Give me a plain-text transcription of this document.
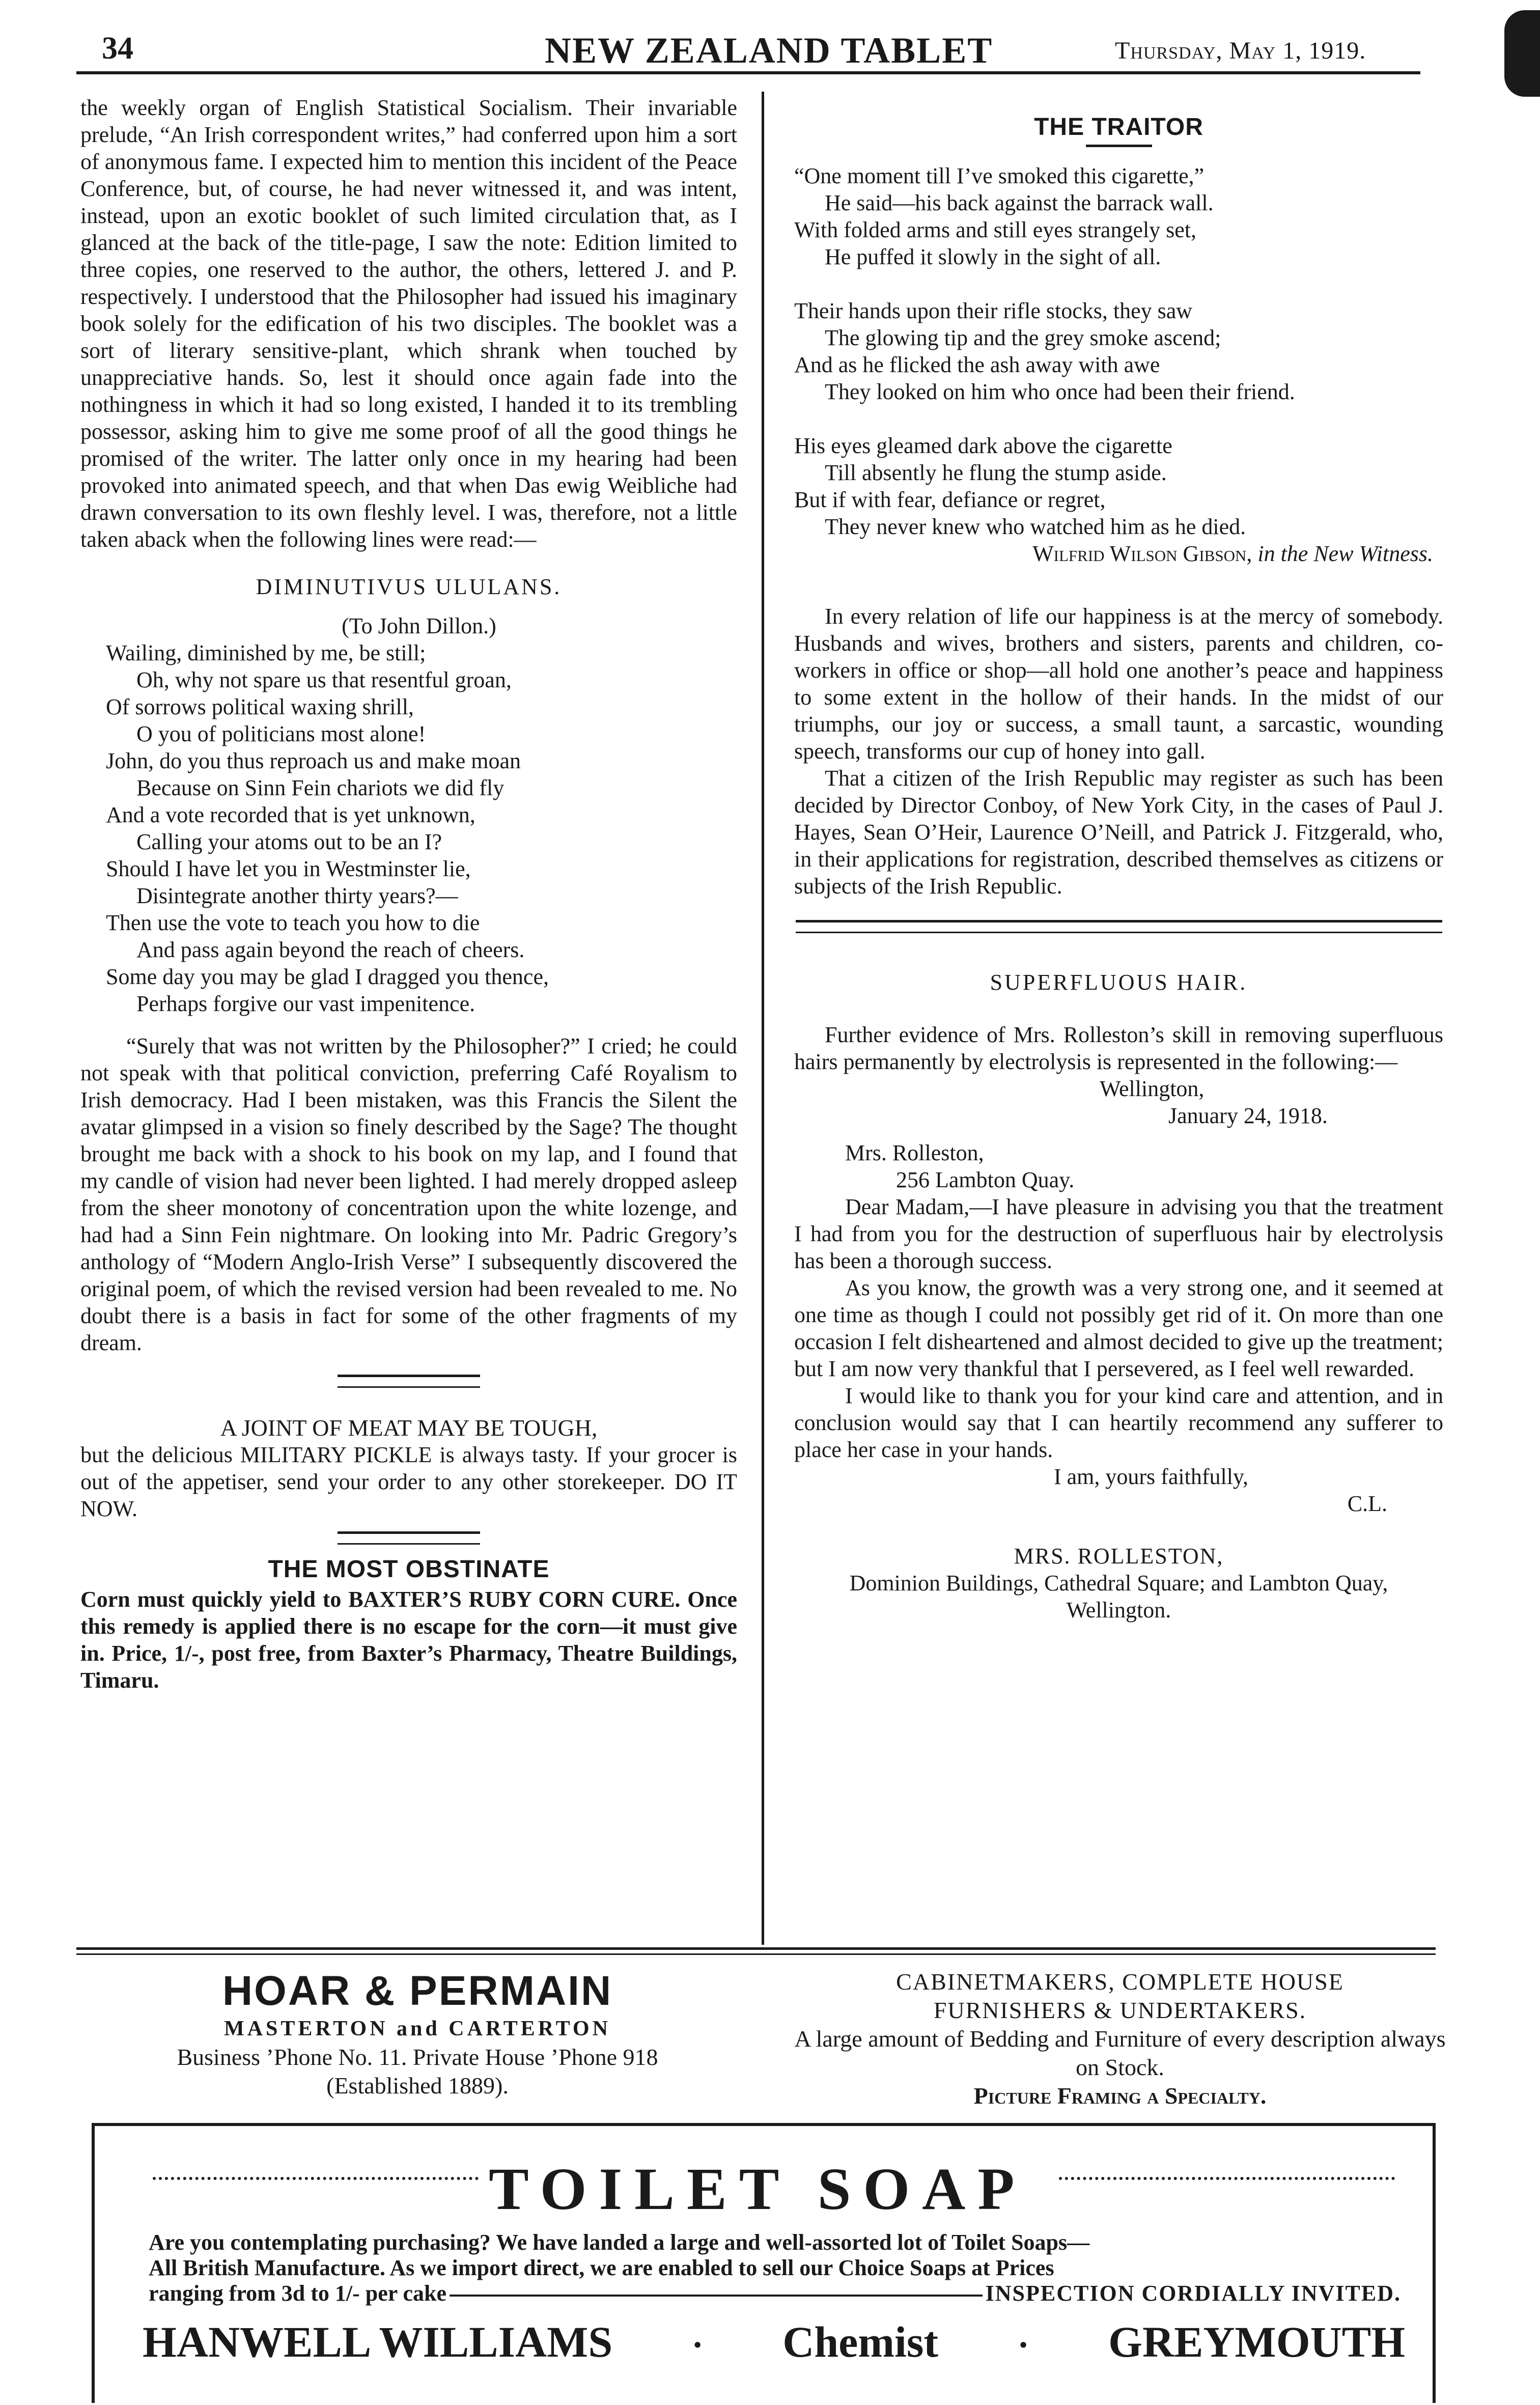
34	NEW ZEALAND TABLET	Thursday, May 1, 1919.

the weekly organ of English Statistical Socialism. Their invariable prelude, “An Irish correspondent writes,” had conferred upon him a sort of anonymous fame. I expected him to mention this incident of the Peace Conference, but, of course, he had never witnessed it, and was intent, instead, upon an exotic booklet of such limited circulation that, as I glanced at the back of the title-page, I saw the note: Edition limited to three copies, one reserved to the author, the others, lettered J. and P. respectively. I understood that the Philosopher had issued his imaginary book solely for the edification of his two disciples. The booklet was a sort of literary sensitive-plant, which shrank when touched by unappreciative hands. So, lest it should once again fade into the nothingness in which it had so long existed, I handed it to its trembling possessor, asking him to give me some proof of all the good things he promised of the writer. The latter only once in my hearing had been provoked into animated speech, and that when Das ewig Weibliche had drawn conversation to its own fleshly level. I was, therefore, not a little taken aback when the following lines were read:—

DIMINUTIVUS ULULANS.
(To John Dillon.)
Wailing, diminished by me, be still;
Oh, why not spare us that resentful groan,
Of sorrows political waxing shrill,
O you of politicians most alone!
John, do you thus reproach us and make moan
Because on Sinn Fein chariots we did fly
And a vote recorded that is yet unknown,
Calling your atoms out to be an I?
Should I have let you in Westminster lie,
Disintegrate another thirty years?—
Then use the vote to teach you how to die
And pass again beyond the reach of cheers.
Some day you may be glad I dragged you thence,
Perhaps forgive our vast impenitence.

“Surely that was not written by the Philosopher?” I cried; he could not speak with that political conviction, preferring Café Royalism to Irish democracy. Had I been mistaken, was this Francis the Silent the avatar glimpsed in a vision so finely described by the Sage? The thought brought me back with a shock to his book on my lap, and I found that my candle of vision had never been lighted. I had merely dropped asleep from the sheer monotony of concentration upon the white lozenge, and had had a Sinn Fein nightmare. On looking into Mr. Padric Gregory’s anthology of “Modern Anglo-Irish Verse” I subsequently discovered the original poem, of which the revised version had been revealed to me. No doubt there is a basis in fact for some of the other fragments of my dream.

A JOINT OF MEAT MAY BE TOUGH,

but the delicious MILITARY PICKLE is always tasty. If your grocer is out of the appetiser, send your order to any other storekeeper. DO IT NOW.

THE MOST OBSTINATE

Corn must quickly yield to BAXTER’S RUBY CORN CURE. Once this remedy is applied there is no escape for the corn—it must give in. Price, 1/-, post free, from Baxter’s Pharmacy, Theatre Buildings, Timaru.

THE TRAITOR
“One moment till I’ve smoked this cigarette,”
He said—his back against the barrack wall.
With folded arms and still eyes strangely set,
He puffed it slowly in the sight of all.
Their hands upon their rifle stocks, they saw
The glowing tip and the grey smoke ascend;
And as he flicked the ash away with awe
They looked on him who once had been their friend.
His eyes gleamed dark above the cigarette
Till absently he flung the stump aside.
But if with fear, defiance or regret,
They never knew who watched him as he died.
Wilfrid Wilson Gibson, in the New Witness.

In every relation of life our happiness is at the mercy of somebody. Husbands and wives, brothers and sisters, parents and children, co-workers in office or shop—all hold one another’s peace and happiness to some extent in the hollow of their hands. In the midst of our triumphs, our joy or success, a small taunt, a sarcastic, wounding speech, transforms our cup of honey into gall.

That a citizen of the Irish Republic may register as such has been decided by Director Conboy, of New York City, in the cases of Paul J. Hayes, Sean O’Heir, Laurence O’Neill, and Patrick J. Fitzgerald, who, in their applications for registration, described themselves as citizens or subjects of the Irish Republic.

SUPERFLUOUS HAIR.

Further evidence of Mrs. Rolleston’s skill in removing superfluous hairs permanently by electrolysis is represented in the following:—

Wellington,
January 24, 1918.
Mrs. Rolleston,
256 Lambton Quay.

Dear Madam,—I have pleasure in advising you that the treatment I had from you for the destruction of superfluous hair by electrolysis has been a thorough success.

As you know, the growth was a very strong one, and it seemed at one time as though I could not possibly get rid of it. On more than one occasion I felt disheartened and almost decided to give up the treatment; but I am now very thankful that I persevered, as I feel well rewarded.

I would like to thank you for your kind care and attention, and in conclusion would say that I can heartily recommend any sufferer to place her case in your hands.

I am, yours faithfully,
C.L.
MRS. ROLLESTON,
Dominion Buildings, Cathedral Square; and Lambton Quay, Wellington.
HOAR & PERMAIN
MASTERTON and CARTERTON
Business ’Phone No. 11. Private House ’Phone 918
(Established 1889).
CABINETMAKERS, COMPLETE HOUSE
FURNISHERS & UNDERTAKERS.
A large amount of Bedding and Furniture of every description always on Stock.
Picture Framing a Specialty.
TOILET SOAP
Are you contemplating purchasing? We have landed a large and well-assorted lot of Toilet Soaps—
All British Manufacture. As we import direct, we are enabled to sell our Choice Soaps at Prices
ranging from 3d to 1/- per cake	INSPECTION CORDIALLY INVITED.
HANWELL WILLIAMS · Chemist · GREYMOUTH
